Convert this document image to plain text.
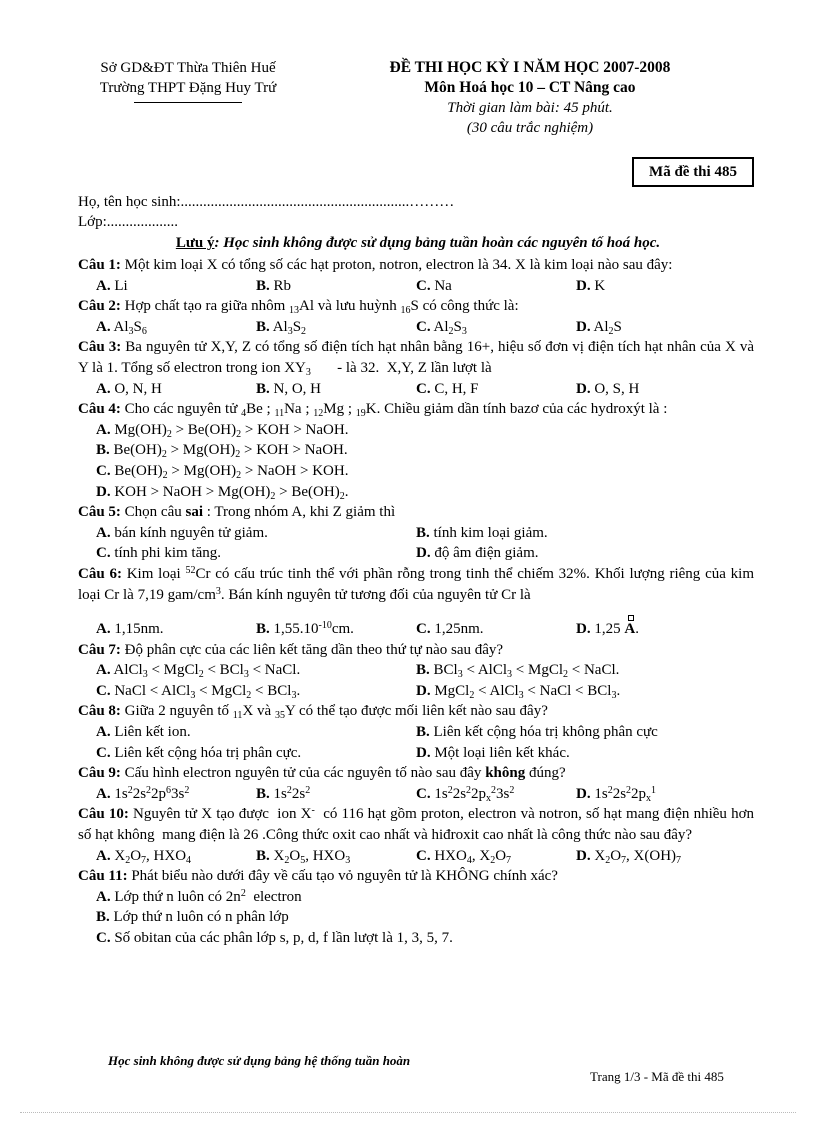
Sở GD&ĐT Thừa Thiên Huế
Trường THPT Đặng Huy Trứ
ĐỀ THI HỌC KỲ I NĂM HỌC 2007-2008
Môn Hoá học 10 – CT Nâng cao
Thời gian làm bài: 45 phút.
(30 câu trắc nghiệm)
Mã đề thi 485
Họ, tên học sinh:.............................................................………
Lớp:...................
Lưu ý: Học sinh không được sử dụng bảng tuần hoàn các nguyên tố hoá học.
Câu 1: Một kim loại X có tổng số các hạt proton, notron, electron là 34. X là kim loại nào sau đây:
A. Li	B. Rb	C. Na	D. K
Câu 2: Hợp chất tạo ra giữa nhôm $_{13}$Al và lưu huỳnh $_{16}$S có công thức là:
A. $Al_3S_6$	B. $Al_3S_2$	C. $Al_2S_3$	D. $Al_2S$
Câu 3: Ba nguyên tử X,Y, Z có tổng số điện tích hạt nhân bằng 16+, hiệu số đơn vị điện tích hạt nhân của X và Y là 1. Tổng số electron trong ion $XY_3$       - là 32.  X,Y, Z lần lượt là
A. O, N, H	B. N, O, H	C. C, H, F	D. O, S, H
Câu 4: Cho các nguyên tử $_4$Be ; $_{11}$Na ; $_{12}$Mg ; $_{19}$K. Chiều giảm dần tính bazơ của các hydroxýt là :
A. $Mg(OH)_2 > Be(OH)_2$ > KOH > NaOH.
B. $Be(OH)_2 > Mg(OH)_2$ > KOH > NaOH.
C. $Be(OH)_2 > Mg(OH)_2$ > NaOH > KOH.
D. KOH > NaOH > $Mg(OH)_2 > Be(OH)_2$.
Câu 5: Chọn câu sai : Trong nhóm A, khi Z giảm thì
A. bán kính nguyên tử giảm.	B. tính kim loại giảm.
C. tính phi kim tăng.	D. độ âm điện giảm.
Câu 6: Kim loại $^{52}$Cr có cấu trúc tinh thể với phần rỗng trong tinh thể chiếm 32%. Khối lượng riêng của kim loại Cr là 7,19 gam/$cm^3$. Bán kính nguyên tử tương đối của nguyên tử Cr là
A. 1,15nm.	B. $1,55.10^{-10}cm$.	C. 1,25nm.	D. 1,25 A.
Câu 7: Độ phân cực của các liên kết tăng dần theo thứ tự nào sau đây?
A. AlCl$_3$ < MgCl$_2$ < BCl$_3$ < NaCl.	B. BCl$_3$ < AlCl$_3$ < MgCl$_2$ < NaCl.
C. NaCl < AlCl$_3$ < MgCl$_2$ < BCl$_3$.	D. MgCl$_2$ < AlCl$_3$ < NaCl < BCl$_3$.
Câu 8: Giữa 2 nguyên tố $_{11}$X và $_{35}$Y có thể tạo được mối liên kết nào sau đây?
A. Liên kết ion.	B. Liên kết cộng hóa trị không phân cực
C. Liên kết cộng hóa trị phân cực.	D. Một loại liên kết khác.
Câu 9: Cấu hình electron nguyên tử của các nguyên tố nào sau đây không đúng?
A. $1s^22s^22p^63s^2$	B. $1s^22s^2$	C. $1s^22s^22p_x^23s^2$	D. $1s^22s^22p_x^1$
Câu 10: Nguyên tử X tạo được  ion X-  có 116 hạt gồm proton, electron và notron, số hạt mang điện nhiều hơn số hạt không  mang điện là 26 .Công thức oxit cao nhất và hiđroxit cao nhất là công thức nào sau đây?
A. $X_2O_7$, $HXO_4$	B. $X_2O_5$, $HXO_3$	C. $HXO_4$, $X_2O_7$	D. $X_2O_7$, $X(OH)_7$
Câu 11: Phát biểu nào dưới đây về cấu tạo vỏ nguyên tử là KHÔNG chính xác?
A. Lớp thứ n luôn có $2n^2$  electron
B. Lớp thứ n luôn có n phân lớp
C. Số obitan của các phân lớp s, p, d, f lần lượt là 1, 3, 5, 7.
Học sinh không được sử dụng bảng hệ thống tuần hoàn
Trang 1/3 - Mã đề thi 485
